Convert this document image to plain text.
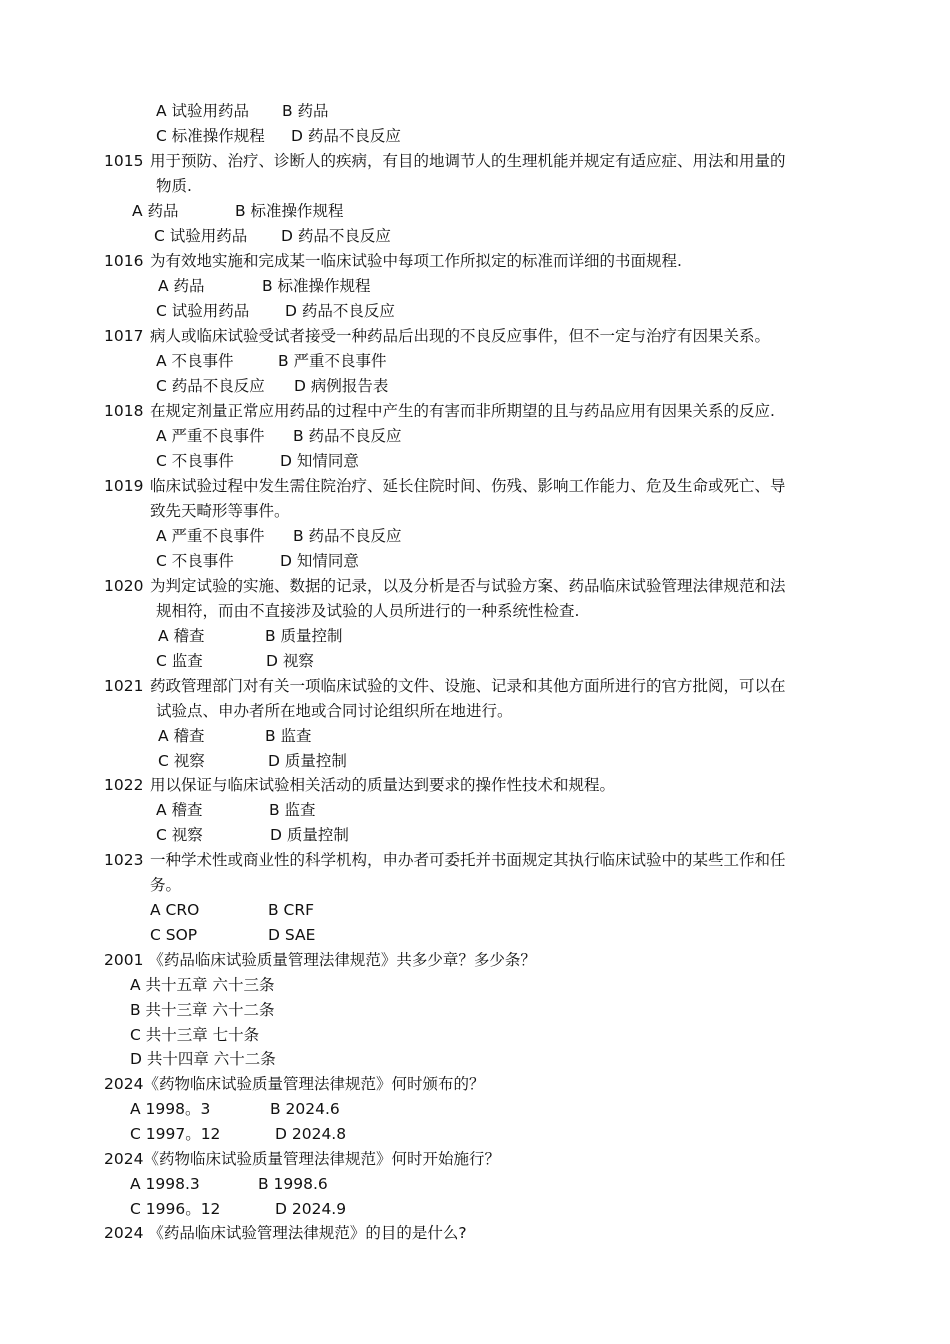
A 试验用药品 B 药品
C 标准操作规程 D 药品不良反应
1015 用于预防、治疗、诊断人的疾病，有目的地调节人的生理机能并规定有适应症、用法和用量的
物质.
A 药品	B 标准操作规程
C 试验用药品 D 药品不良反应
1016 为有效地实施和完成某一临床试验中每项工作所拟定的标准而详细的书面规程.
A 药品	B 标准操作规程
C 试验用药品 D 药品不良反应
1017 病人或临床试验受试者接受一种药品后出现的不良反应事件，但不一定与治疗有因果关系。
A 不良事件	B 严重不良事件
C 药品不良反应 D 病例报告表
1018 在规定剂量正常应用药品的过程中产生的有害而非所期望的且与药品应用有因果关系的反应.
A 严重不良事件 B 药品不良反应
C 不良事件	D 知情同意
1019 临床试验过程中发生需住院治疗、延长住院时间、伤残、影响工作能力、危及生命或死亡、导
致先天畸形等事件。
A 严重不良事件 B 药品不良反应
C 不良事件	D 知情同意
1020 为判定试验的实施、数据的记录，以及分析是否与试验方案、药品临床试验管理法律规范和法
规相符，而由不直接涉及试验的人员所进行的一种系统性检查.
A 稽查	B 质量控制
C 监查	D 视察
1021 药政管理部门对有关一项临床试验的文件、设施、记录和其他方面所进行的官方批阅，可以在
试验点、申办者所在地或合同讨论组织所在地进行。
A 稽查	B 监查
C 视察	D 质量控制
1022 用以保证与临床试验相关活动的质量达到要求的操作性技术和规程。
A 稽查	B 监查
C 视察	D 质量控制
1023 一种学术性或商业性的科学机构，申办者可委托并书面规定其执行临床试验中的某些工作和任
务。
A CRO	B CRF
C SOP	D SAE
2001 《药品临床试验质量管理法律规范》共多少章？多少条？
A 共十五章 六十三条
B 共十三章 六十二条
C 共十三章 七十条
D 共十四章 六十二条
2024《药物临床试验质量管理法律规范》何时颁布的？
A 1998。3	B 2024.6
C 1997。12	D 2024.8
2024《药物临床试验质量管理法律规范》何时开始施行？
A 1998.3	B 1998.6
C 1996。12	D 2024.9
2024 《药品临床试验管理法律规范》的目的是什么?
